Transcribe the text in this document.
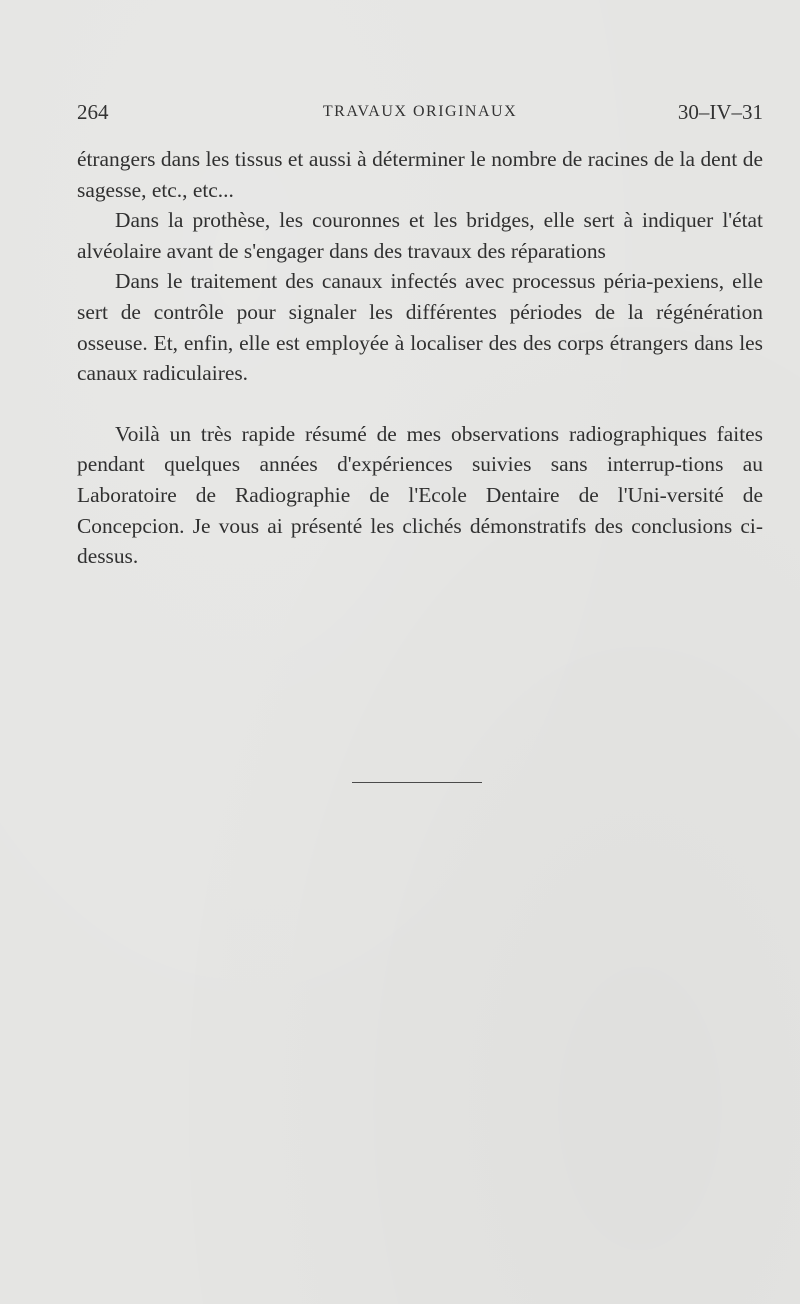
264	TRAVAUX ORIGINAUX	30–IV–31

étrangers dans les tissus et aussi à déterminer le nombre de racines de la dent de sagesse, etc., etc...

Dans la prothèse, les couronnes et les bridges, elle sert à indiquer l'état alvéolaire avant de s'engager dans des travaux des réparations

Dans le traitement des canaux infectés avec processus péria-pexiens, elle sert de contrôle pour signaler les différentes périodes de la régénération osseuse. Et, enfin, elle est employée à localiser des des corps étrangers dans les canaux radiculaires.

Voilà un très rapide résumé de mes observations radiographiques faites pendant quelques années d'expériences suivies sans interrup-tions au Laboratoire de Radiographie de l'Ecole Dentaire de l'Uni-versité de Concepcion. Je vous ai présenté les clichés démonstratifs des conclusions ci-dessus.
